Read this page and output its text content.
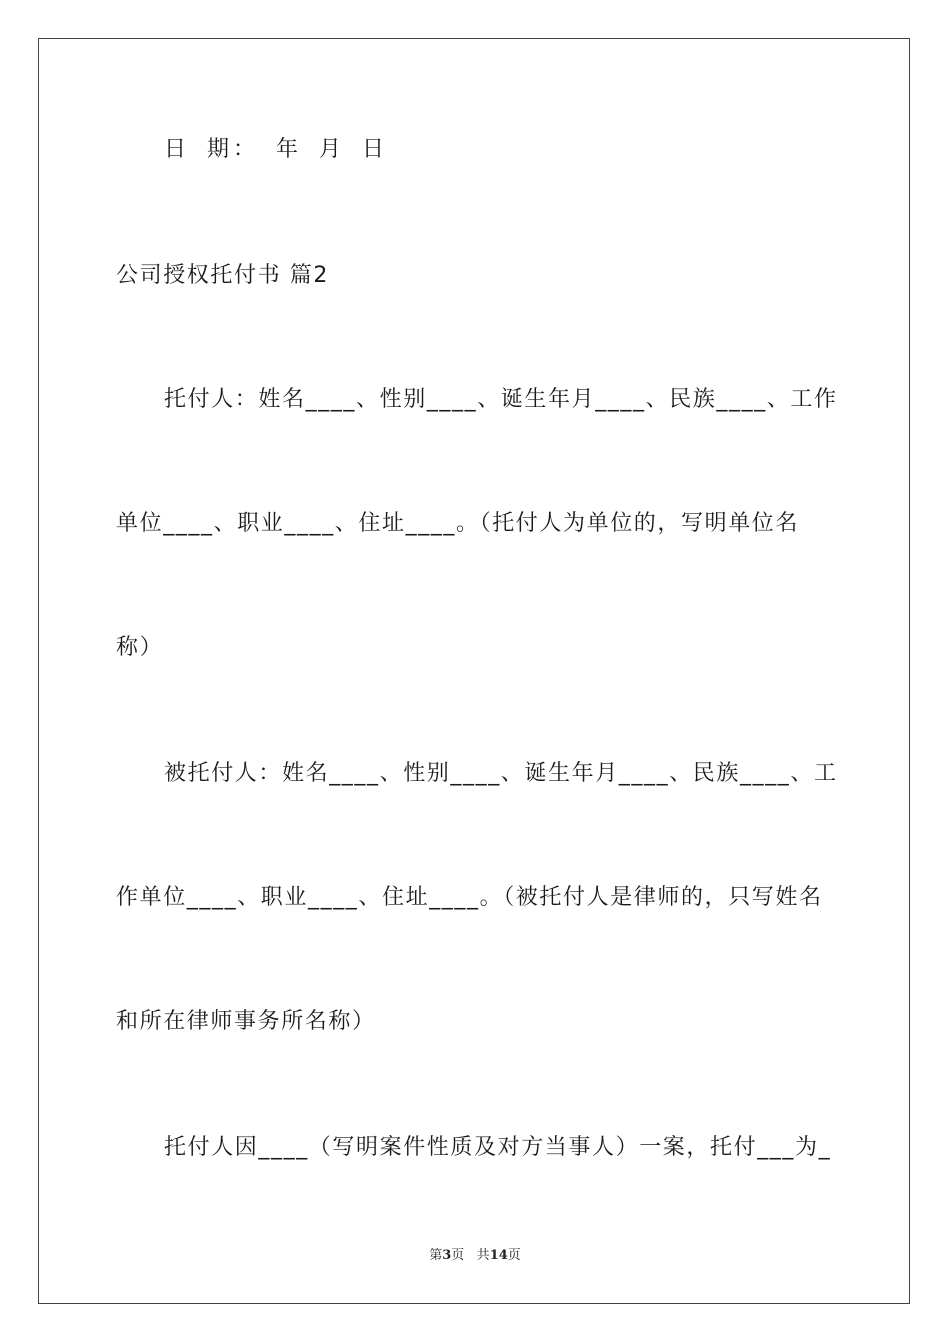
日 期： 年 月 日
公司授权托付书 篇2
托付人：姓名____、性别____、诞生年月____、民族____、工作
单位____、职业____、住址____。（托付人为单位的，写明单位名
称）
被托付人：姓名____、性别____、诞生年月____、民族____、工
作单位____、职业____、住址____。（被托付人是律师的，只写姓名
和所在律师事务所名称）
托付人因____（写明案件性质及对方当事人）一案，托付___为_
第3页 共14页
